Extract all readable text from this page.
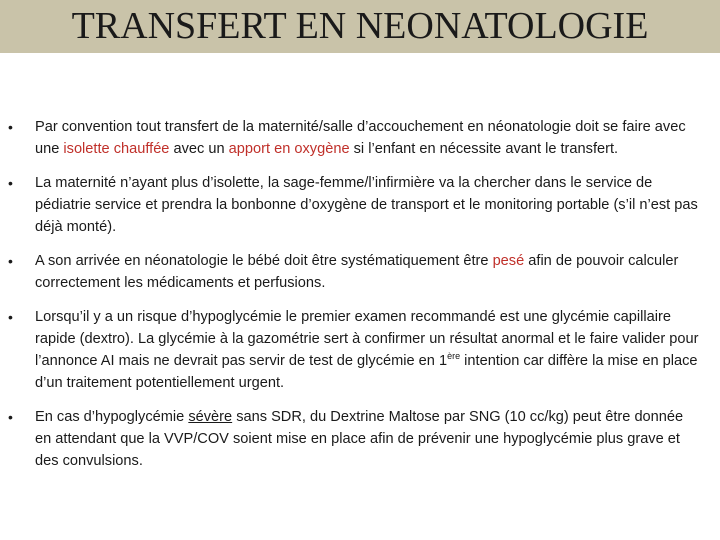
TRANSFERT EN NEONATOLOGIE
• Par convention tout transfert de la maternité/salle d’accouchement en néonatologie doit se faire avec une isolette chauffée avec un apport en oxygène si l’enfant en nécessite avant le transfert.
• La maternité n’ayant plus d’isolette, la sage-femme/l’infirmière va la chercher dans le service de pédiatrie service et prendra la bonbonne d’oxygène de transport et le monitoring portable (s’il n’est pas déjà monté).
• A son arrivée en néonatologie le bébé doit être systématiquement être pesé afin de pouvoir calculer correctement les médicaments et perfusions.
• Lorsqu’il y a un risque d’hypoglycémie le premier examen recommandé est une glycémie capillaire rapide (dextro). La glycémie à la gazométrie sert à confirmer un résultat anormal et le faire valider pour l’annonce AI mais ne devrait pas servir de test de glycémie en 1ère intention car diffère la mise en place d’un traitement potentiellement urgent.
• En cas d’hypoglycémie sévère sans SDR, du Dextrine Maltose par SNG (10 cc/kg) peut être donnée en attendant que la VVP/COV soient mise en place afin de prévenir une hypoglycémie plus grave et des convulsions.
